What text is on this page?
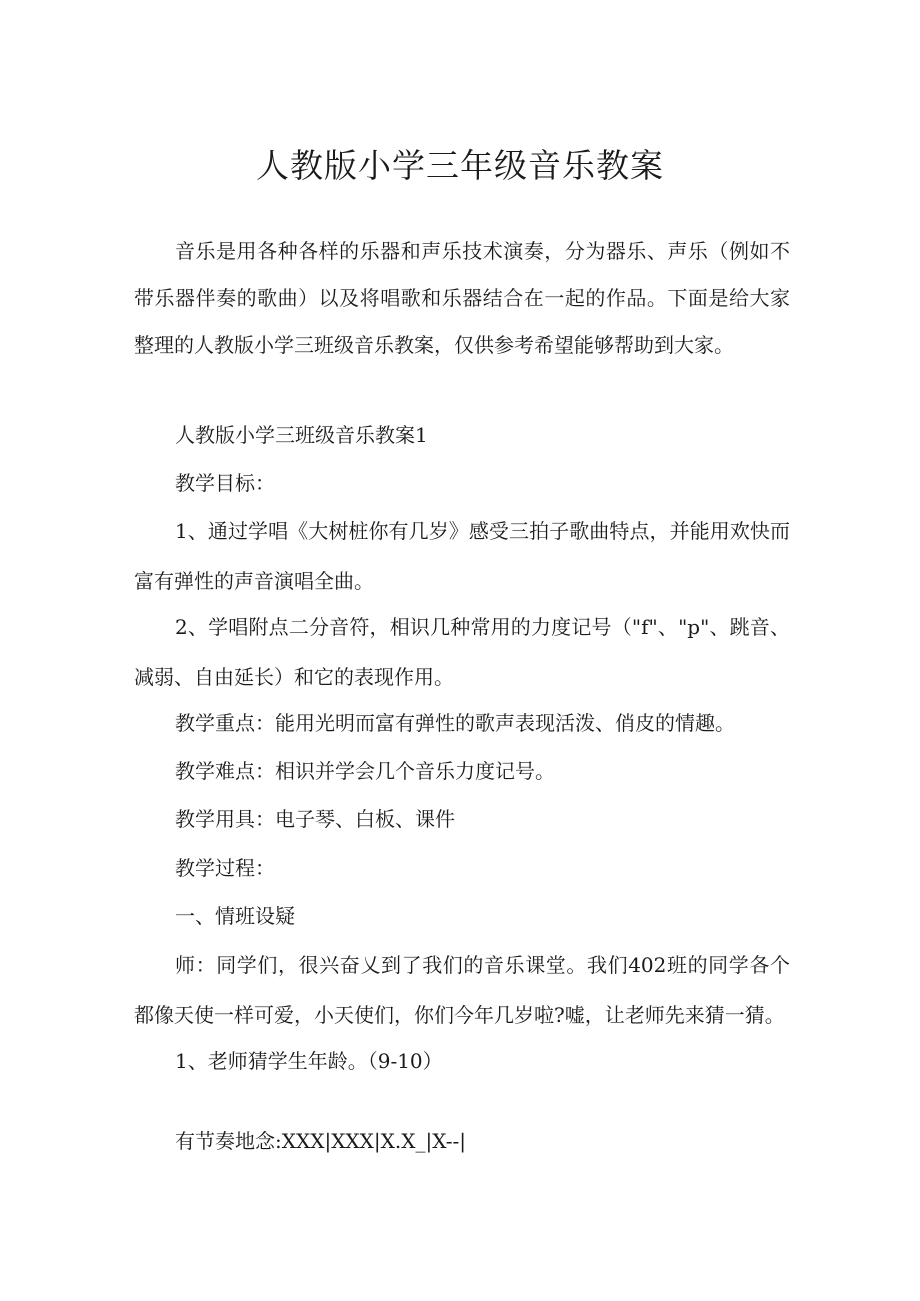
人教版小学三年级音乐教案

音乐是用各种各样的乐器和声乐技术演奏，分为器乐、声乐（例如不带乐器伴奏的歌曲）以及将唱歌和乐器结合在一起的作品。下面是给大家整理的人教版小学三班级音乐教案，仅供参考希望能够帮助到大家。

人教版小学三班级音乐教案1

教学目标：

1、通过学唱《大树桩你有几岁》感受三拍子歌曲特点，并能用欢快而富有弹性的声音演唱全曲。

2、学唱附点二分音符，相识几种常用的力度记号（"f"、"p"、跳音、减弱、自由延长）和它的表现作用。

教学重点：能用光明而富有弹性的歌声表现活泼、俏皮的情趣。

教学难点：相识并学会几个音乐力度记号。

教学用具：电子琴、白板、课件

教学过程：

一、情班设疑

师：同学们，很兴奋乂到了我们的音乐课堂。我们402班的同学各个都像天使一样可爱，小天使们，你们今年几岁啦?嘘，让老师先来猜一猜。

1、老师猜学生年龄。（9-10）

有节奏地念:XXX|XXX|X.X_|X--|
